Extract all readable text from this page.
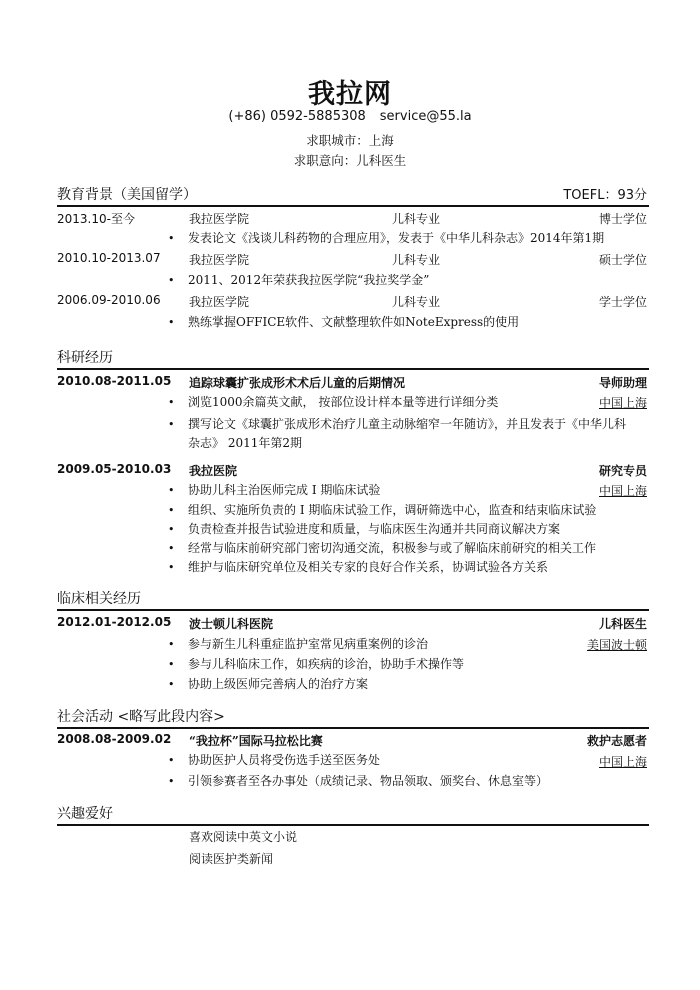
我拉网
(+86) 0592-5885308 service@55.la
求职城市：上海
求职意向：儿科医生
教育背景（美国留学）	TOEFL：93分
2013.10-至今	我拉医学院	儿科专业	博士学位
• 发表论文《浅谈儿科药物的合理应用》，发表于《中华儿科杂志》2014年第1期
2010.10-2013.07 我拉医学院	儿科专业	硕士学位
• 2011、2012年荣获我拉医学院“我拉奖学金”
2006.09-2010.06 我拉医学院	儿科专业	学士学位
• 熟练掌握OFFICE软件、文献整理软件如NoteExpress的使用
科研经历
2010.08-2011.05 追踪球囊扩张成形术术后儿童的后期情况	导师助理
中国上海
• 浏览1000余篇英文献， 按部位设计样本量等进行详细分类
• 撰写论文《球囊扩张成形术治疗儿童主动脉缩窄一年随访》，并且发表于《中华儿科
杂志》 2011年第2期
2009.05-2010.03 我拉医院	研究专员
中国上海
• 协助儿科主治医师完成 I 期临床试验
• 组织、实施所负责的 I 期临床试验工作，调研筛选中心，监查和结束临床试验
• 负责检查并报告试验进度和质量，与临床医生沟通并共同商议解决方案
• 经常与临床前研究部门密切沟通交流，积极参与或了解临床前研究的相关工作
• 维护与临床研究单位及相关专家的良好合作关系，协调试验各方关系
临床相关经历
2012.01-2012.05 波士顿儿科医院	儿科医生
美国波士顿
• 参与新生儿科重症监护室常见病重案例的诊治
• 参与儿科临床工作，如疾病的诊治，协助手术操作等
• 协助上级医师完善病人的治疗方案
社会活动 <略写此段内容>
2008.08-2009.02 “我拉杯”国际马拉松比赛	救护志愿者
中国上海
• 协助医护人员将受伤选手送至医务处
• 引领参赛者至各办事处（成绩记录、物品领取、颁奖台、休息室等）
兴趣爱好
喜欢阅读中英文小说
阅读医护类新闻
